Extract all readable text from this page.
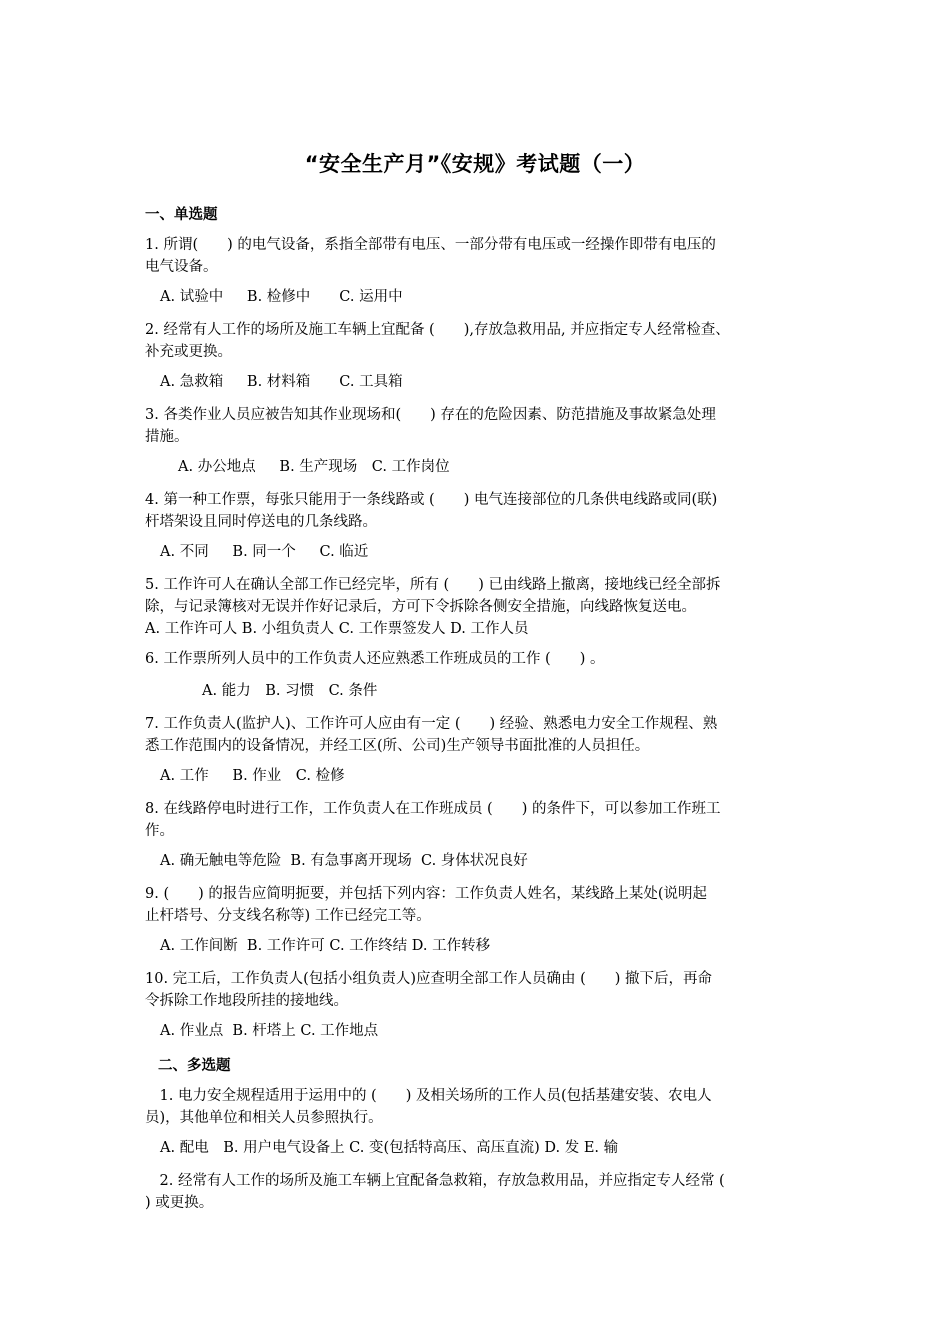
“安全生产月”《安规》考试题（一）
一、单选题
1. 所谓(　　) 的电气设备，系指全部带有电压、一部分带有电压或一经操作即带有电压的
电气设备。
A. 试验中　  B. 检修中　　C. 运用中
2. 经常有人工作的场所及施工车辆上宜配备 (　　),存放急救用品, 并应指定专人经常检查、
补充或更换。
A. 急救箱　  B. 材料箱　　C. 工具箱
3. 各类作业人员应被告知其作业现场和(　　) 存在的危险因素、防范措施及事故紧急处理
措施。
A. 办公地点　  B. 生产现场　C. 工作岗位
4. 第一种工作票，每张只能用于一条线路或 (　　) 电气连接部位的几条供电线路或同(联)
杆塔架设且同时停送电的几条线路。
A. 不同　  B. 同一个　  C. 临近
5. 工作许可人在确认全部工作已经完毕，所有 (　　) 已由线路上撤离，接地线已经全部拆
除，与记录簿核对无误并作好记录后，方可下令拆除各侧安全措施，向线路恢复送电。
A. 工作许可人 B. 小组负责人 C. 工作票签发人 D. 工作人员
6. 工作票所列人员中的工作负责人还应熟悉工作班成员的工作 (　　) 。
A. 能力　B. 习惯　C. 条件
7. 工作负责人(监护人)、工作许可人应由有一定 (　　) 经验、熟悉电力安全工作规程、熟
悉工作范围内的设备情况，并经工区(所、公司)生产领导书面批准的人员担任。
A. 工作　  B. 作业　C. 检修
8. 在线路停电时进行工作，工作负责人在工作班成员 (　　) 的条件下，可以参加工作班工
作。
A. 确无触电等危险  B. 有急事离开现场  C. 身体状况良好
9. (　　) 的报告应简明扼要，并包括下列内容：工作负责人姓名，某线路上某处(说明起
止杆塔号、分支线名称等) 工作已经完工等。
A. 工作间断  B. 工作许可 C. 工作终结 D. 工作转移
10. 完工后，工作负责人(包括小组负责人)应查明全部工作人员确由 (　　) 撤下后，再命
令拆除工作地段所挂的接地线。
A. 作业点  B. 杆塔上 C. 工作地点
二、多选题
　1. 电力安全规程适用于运用中的 (　　) 及相关场所的工作人员(包括基建安装、农电人
员)，其他单位和相关人员参照执行。
A. 配电　B. 用户电气设备上 C. 变(包括特高压、高压直流) D. 发 E. 输
　2. 经常有人工作的场所及施工车辆上宜配备急救箱，存放急救用品，并应指定专人经常 (
) 或更换。
